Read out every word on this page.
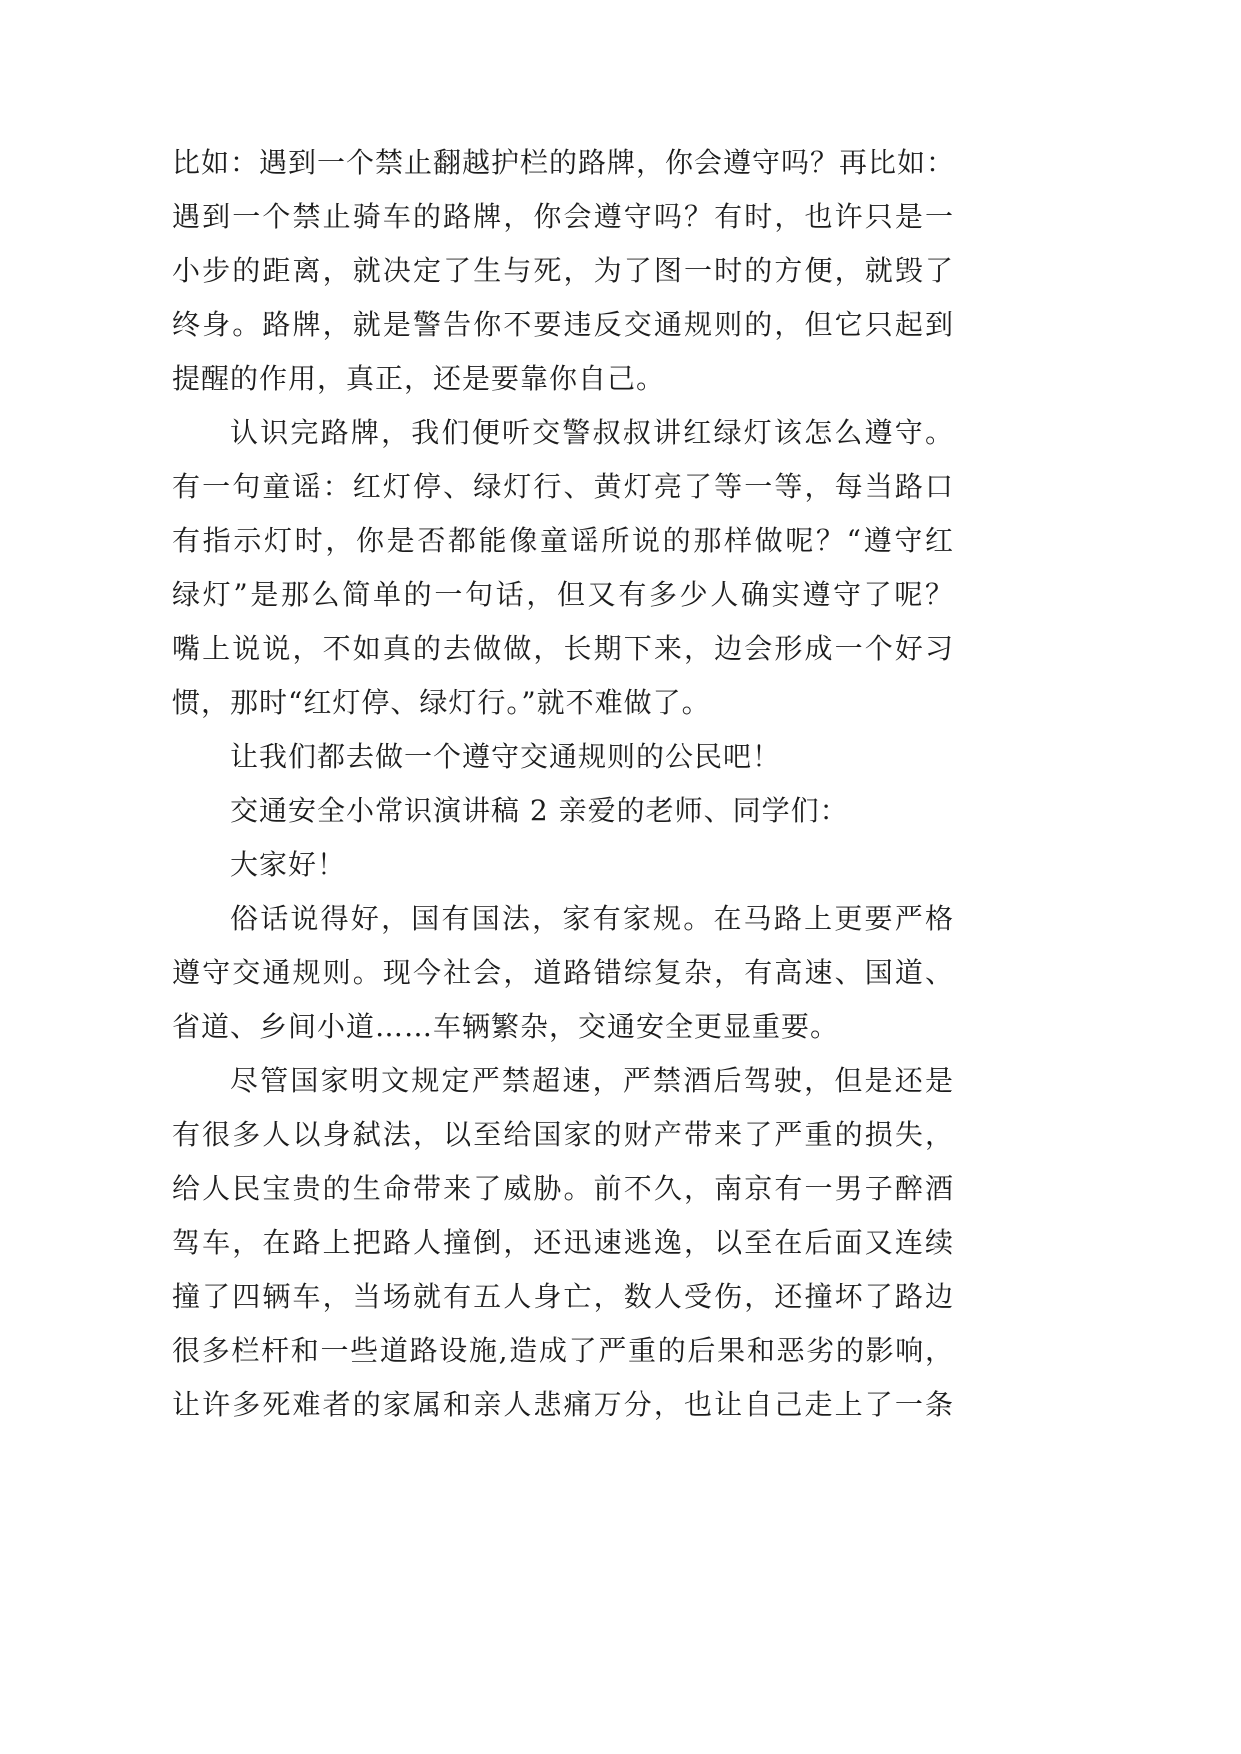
比如：遇到一个禁止翻越护栏的路牌，你会遵守吗？再比如：
遇到一个禁止骑车的路牌，你会遵守吗？有时，也许只是一
小步的距离，就决定了生与死，为了图一时的方便，就毁了
终身。路牌，就是警告你不要违反交通规则的，但它只起到
提醒的作用，真正，还是要靠你自己。
认识完路牌，我们便听交警叔叔讲红绿灯该怎么遵守。
有一句童谣：红灯停、绿灯行、黄灯亮了等一等，每当路口
有指示灯时，你是否都能像童谣所说的那样做呢？“遵守红
绿灯”是那么简单的一句话，但又有多少人确实遵守了呢？
嘴上说说，不如真的去做做，长期下来，边会形成一个好习
惯，那时“红灯停、绿灯行。”就不难做了。
让我们都去做一个遵守交通规则的公民吧！
交通安全小常识演讲稿 2 亲爱的老师、同学们：
大家好！
俗话说得好，国有国法，家有家规。在马路上更要严格
遵守交通规则。现今社会，道路错综复杂，有高速、国道、
省道、乡间小道……车辆繁杂，交通安全更显重要。
尽管国家明文规定严禁超速，严禁酒后驾驶，但是还是
有很多人以身弑法，以至给国家的财产带来了严重的损失，
给人民宝贵的生命带来了威胁。前不久，南京有一男子醉酒
驾车，在路上把路人撞倒，还迅速逃逸，以至在后面又连续
撞了四辆车，当场就有五人身亡，数人受伤，还撞坏了路边
很多栏杆和一些道路设施,造成了严重的后果和恶劣的影响，
让许多死难者的家属和亲人悲痛万分，也让自己走上了一条
